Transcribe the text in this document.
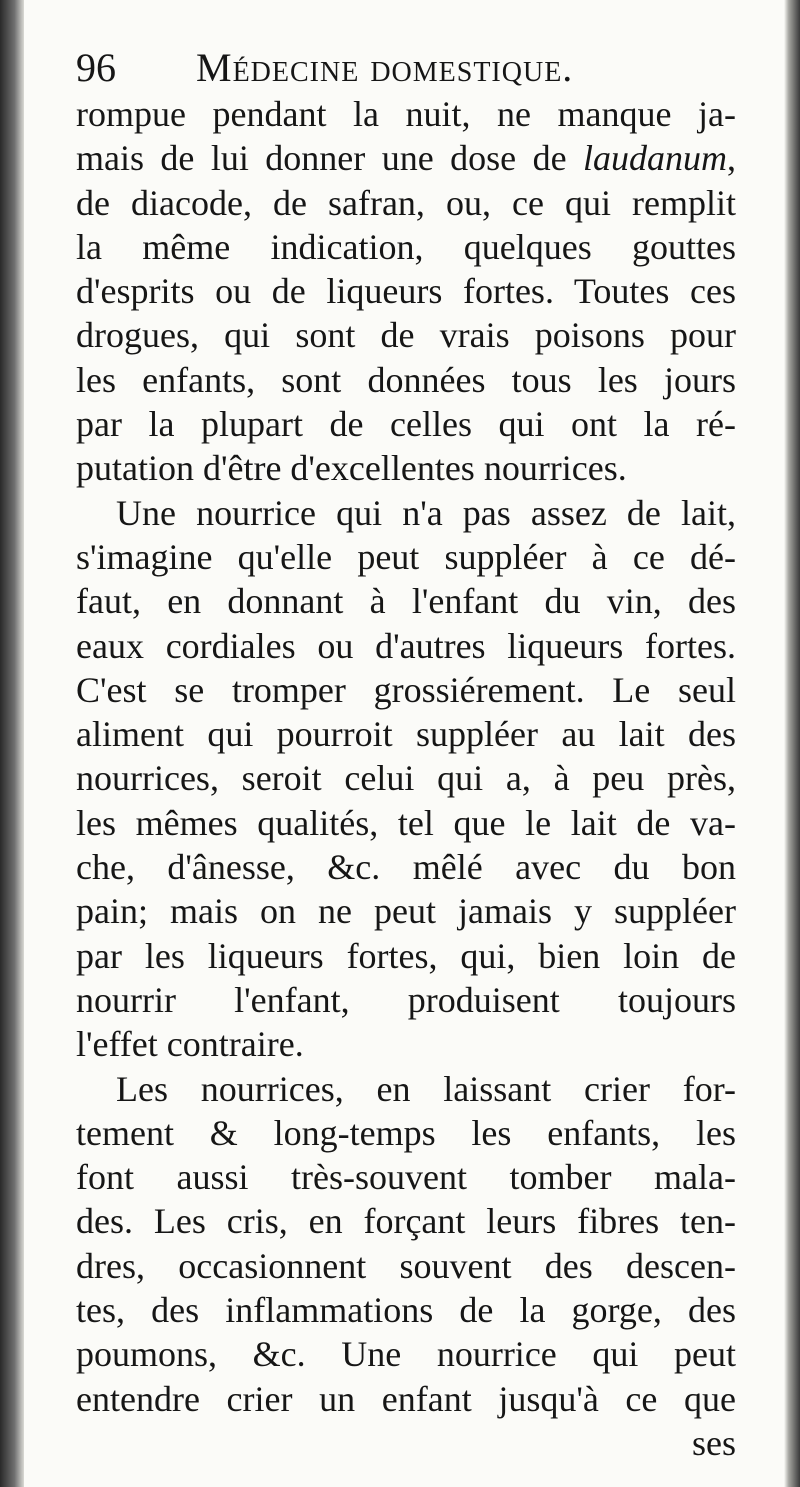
96 Médecine domestique.
rompue pendant la nuit, ne manque ja-
mais de lui donner une dose de laudanum,
de diacode, de safran, ou, ce qui remplit
la même indication, quelques gouttes
d'esprits ou de liqueurs fortes. Toutes ces
drogues, qui sont de vrais poisons pour
les enfants, sont données tous les jours
par la plupart de celles qui ont la ré-
putation d'être d'excellentes nourrices.
Une nourrice qui n'a pas assez de lait,
s'imagine qu'elle peut suppléer à ce dé-
faut, en donnant à l'enfant du vin, des
eaux cordiales ou d'autres liqueurs fortes.
C'est se tromper grossiérement. Le seul
aliment qui pourroit suppléer au lait des
nourrices, seroit celui qui a, à peu près,
les mêmes qualités, tel que le lait de va-
che, d'ânesse, &c. mêlé avec du bon
pain; mais on ne peut jamais y suppléer
par les liqueurs fortes, qui, bien loin de
nourrir l'enfant, produisent toujours
l'effet contraire.
Les nourrices, en laissant crier for-
tement & long-temps les enfants, les
font aussi très-souvent tomber mala-
des. Les cris, en forçant leurs fibres ten-
dres, occasionnent souvent des descen-
tes, des inflammations de la gorge, des
poumons, &c. Une nourrice qui peut
entendre crier un enfant jusqu'à ce que
ses
